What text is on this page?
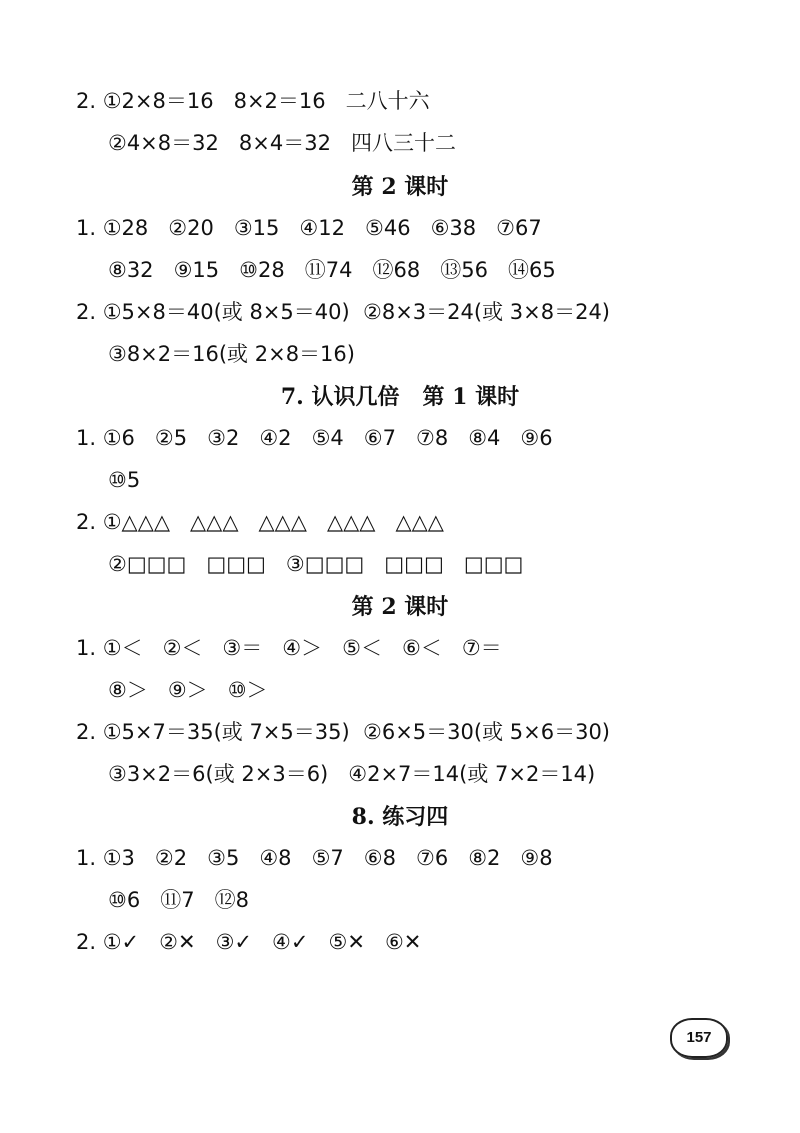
2. ①2×8＝16   8×2＝16   二八十六
②4×8＝32   8×4＝32   四八三十二
第 2 课时
1. ①28   ②20   ③15   ④12   ⑤46   ⑥38   ⑦67
⑧32   ⑨15   ⑩28   ⑪74   ⑫68   ⑬56   ⑭65
2. ①5×8＝40(或 8×5＝40)  ②8×3＝24(或 3×8＝24)
③8×2＝16(或 2×8＝16)
7. 认识几倍   第 1 课时
1. ①6   ②5   ③2   ④2   ⑤4   ⑥7   ⑦8   ⑧4   ⑨6
⑩5
2. ①△△△   △△△   △△△   △△△   △△△
②□□□   □□□   ③□□□   □□□   □□□
第 2 课时
1. ①＜   ②＜   ③＝   ④＞   ⑤＜   ⑥＜   ⑦＝
⑧＞   ⑨＞   ⑩＞
2. ①5×7＝35(或 7×5＝35)  ②6×5＝30(或 5×6＝30)
③3×2＝6(或 2×3＝6)   ④2×7＝14(或 7×2＝14)
8. 练习四
1. ①3   ②2   ③5   ④8   ⑤7   ⑥8   ⑦6   ⑧2   ⑨8
⑩6   ⑪7   ⑫8
2. ①✓   ②✕   ③✓   ④✓   ⑤✕   ⑥✕
157
